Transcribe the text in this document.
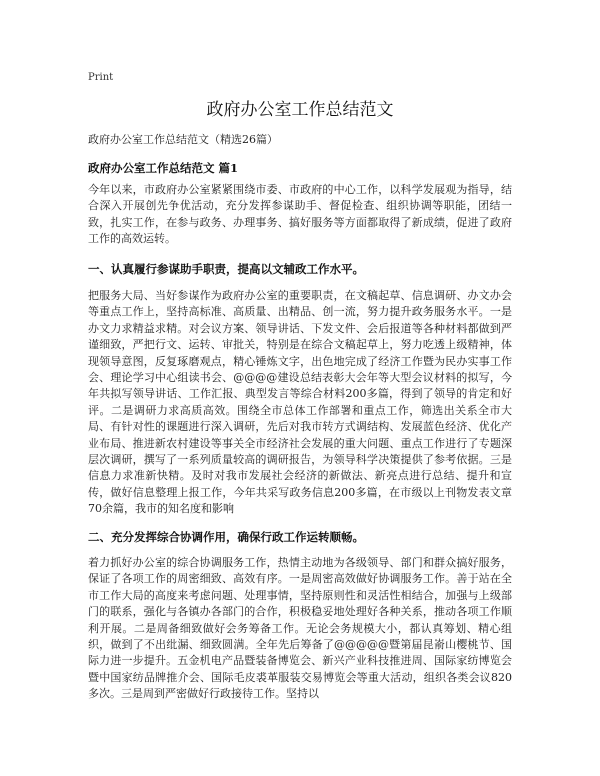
Print
政府办公室工作总结范文
政府办公室工作总结范文（精选26篇）
政府办公室工作总结范文 篇1

今年以来，市政府办公室紧紧围绕市委、市政府的中心工作，以科学发展观为指导，结合深入开展创先争优活动，充分发挥参谋助手、督促检查、组织协调等职能，团结一致，扎实工作，在参与政务、办理事务、搞好服务等方面都取得了新成绩，促进了政府工作的高效运转。

一、认真履行参谋助手职责，提高以文辅政工作水平。

把服务大局、当好参谋作为政府办公室的重要职责，在文稿起草、信息调研、办文办会等重点工作上，坚持高标准、高质量、出精品、创一流，努力提升政务服务水平。一是办文力求精益求精。对会议方案、领导讲话、下发文件、会后报道等各种材料都做到严谨细致，严把行文、运转、审批关，特别是在综合文稿起草上，努力吃透上级精神，体现领导意图，反复琢磨观点，精心锤炼文字，出色地完成了经济工作暨为民办实事工作会、理论学习中心组读书会、@@@@建设总结表彰大会年等大型会议材料的拟写，今年共拟写领导讲话、工作汇报、典型发言等综合材料200多篇，得到了领导的肯定和好评。二是调研力求高质高效。围绕全市总体工作部署和重点工作，筛选出关系全市大局、有针对性的课题进行深入调研，先后对我市转方式调结构、发展蓝色经济、优化产业布局、推进新农村建设等事关全市经济社会发展的重大问题、重点工作进行了专题深层次调研，撰写了一系列质量较高的调研报告，为领导科学决策提供了参考依据。三是信息力求准新快精。及时对我市发展社会经济的新做法、新亮点进行总结、提升和宣传，做好信息整理上报工作，今年共采写政务信息200多篇，在市级以上刊物发表文章70余篇，我市的知名度和影响

二、充分发挥综合协调作用，确保行政工作运转顺畅。

着力抓好办公室的综合协调服务工作，热情主动地为各级领导、部门和群众搞好服务，保证了各项工作的周密细致、高效有序。一是周密高效做好协调服务工作。善于站在全市工作大局的高度来考虑问题、处理事情，坚持原则性和灵活性相结合，加强与上级部门的联系，强化与各镇办各部门的合作，积极稳妥地处理好各种关系，推动各项工作顺利开展。二是周备细致做好会务筹备工作。无论会务规模大小，都认真筹划、精心组织，做到了不出纰漏、细致圆满。全年先后筹备了@@@@@暨第届昆嵛山樱桃节、国际力进一步提升。五金机电产品暨装备博览会、新兴产业科技推进周、国际家纺博览会暨中国家纺品牌推介会、国际毛皮裘革服装交易博览会等重大活动，组织各类会议820多次。三是周到严密做好行政接待工作。坚持以
